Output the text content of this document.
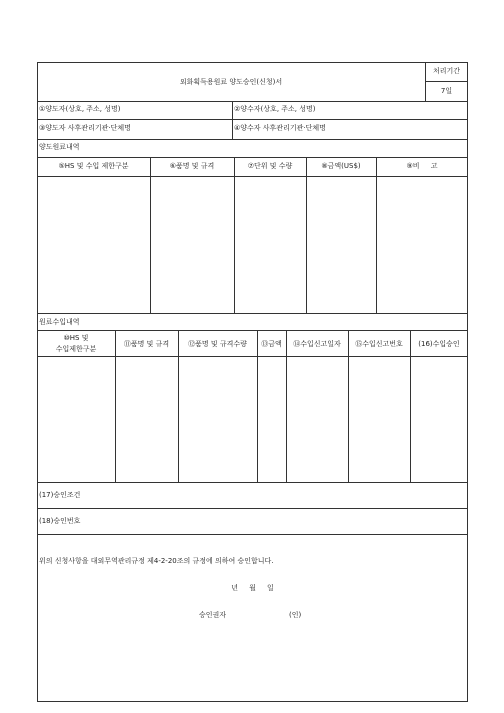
외화획득용원료 양도승인(신청)서
처리기간
7일
①양도자(상호, 주소, 성명)	②양수자(상호, 주소, 성명)
③양도자 사후관리기관·단체명	④양수자 사후관리기관·단체명
양도원료내역
⑤HS 및 수입 제한구분	⑥품명 및 규격	⑦단위 및 수량	⑧금액(US$)	⑨비     고
원료수입내역
⑩HS 및
수입제한구분
⑪품명 및 규격	⑫품명 및 규격수량	⑬금액	⑭수입신고일자	⑮수입신고번호	(16)수입승인
(17)승인조건
(18)승인번호
위의 신청사항을 대외무역관리규정 제4-2-20조의 규정에 의하여 승인합니다.
년     월     일
승인권자	(인)
